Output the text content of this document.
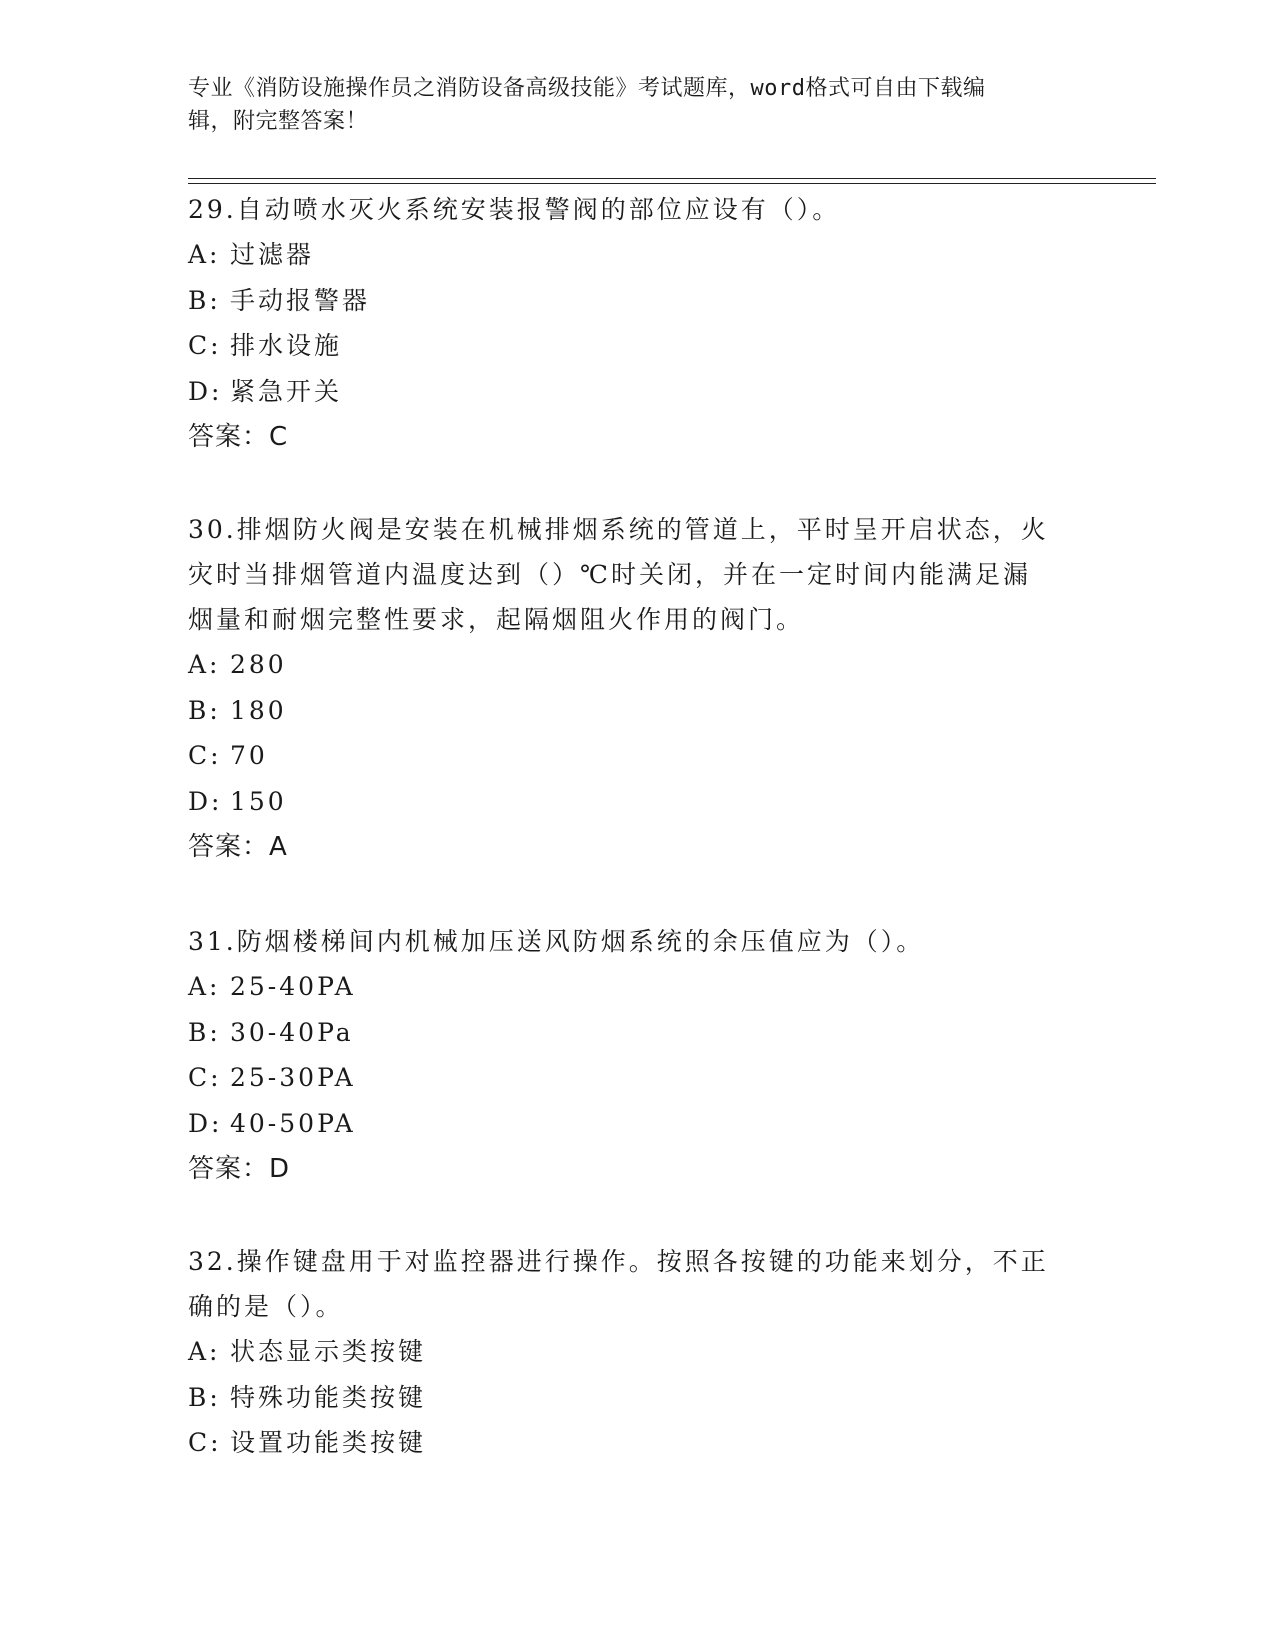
专业《消防设施操作员之消防设备高级技能》考试题库，word格式可自由下载编
辑，附完整答案！
29.自动喷水灭火系统安装报警阀的部位应设有（）。
A: 过滤器
B: 手动报警器
C: 排水设施
D: 紧急开关
答案：C
30.排烟防火阀是安装在机械排烟系统的管道上，平时呈开启状态，火
灾时当排烟管道内温度达到（）℃时关闭，并在一定时间内能满足漏
烟量和耐烟完整性要求，起隔烟阻火作用的阀门。
A: 280
B: 180
C: 70
D: 150
答案：A
31.防烟楼梯间内机械加压送风防烟系统的余压值应为（）。
A: 25-40PA
B: 30-40Pa
C: 25-30PA
D: 40-50PA
答案：D
32.操作键盘用于对监控器进行操作。按照各按键的功能来划分，不正
确的是（）。
A: 状态显示类按键
B: 特殊功能类按键
C: 设置功能类按键
